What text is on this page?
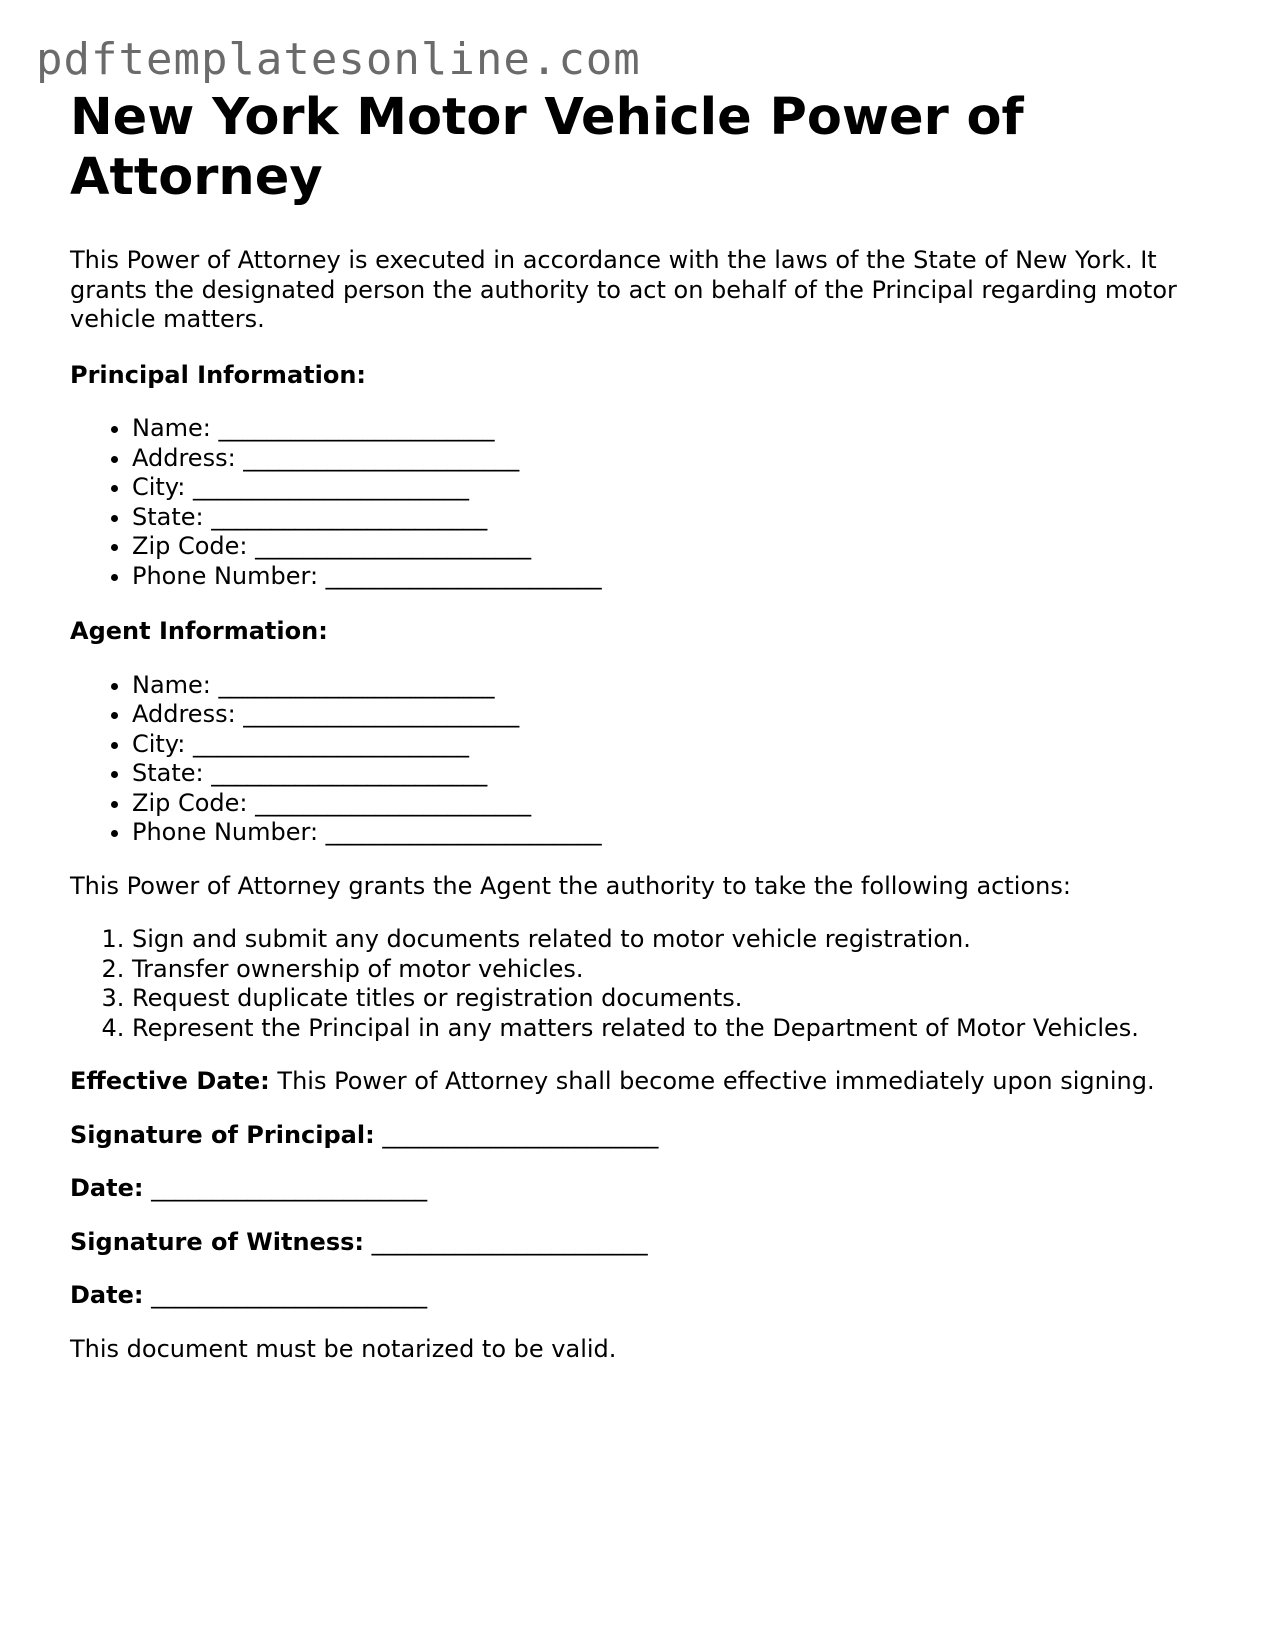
pdftemplatesonline.com
New York Motor Vehicle Power of Attorney

This Power of Attorney is executed in accordance with the laws of the State of New York. It grants the designated person the authority to act on behalf of the Principal regarding motor vehicle matters.

Principal Information:

• Name: _______________________
• Address: _______________________
• City: _______________________
• State: _______________________
• Zip Code: _______________________
• Phone Number: _______________________

Agent Information:

• Name: _______________________
• Address: _______________________
• City: _______________________
• State: _______________________
• Zip Code: _______________________
• Phone Number: _______________________

This Power of Attorney grants the Agent the authority to take the following actions:

1. Sign and submit any documents related to motor vehicle registration.
2. Transfer ownership of motor vehicles.
3. Request duplicate titles or registration documents.
4. Represent the Principal in any matters related to the Department of Motor Vehicles.

Effective Date: This Power of Attorney shall become effective immediately upon signing.

Signature of Principal: _______________________

Date: _______________________

Signature of Witness: _______________________

Date: _______________________

This document must be notarized to be valid.
